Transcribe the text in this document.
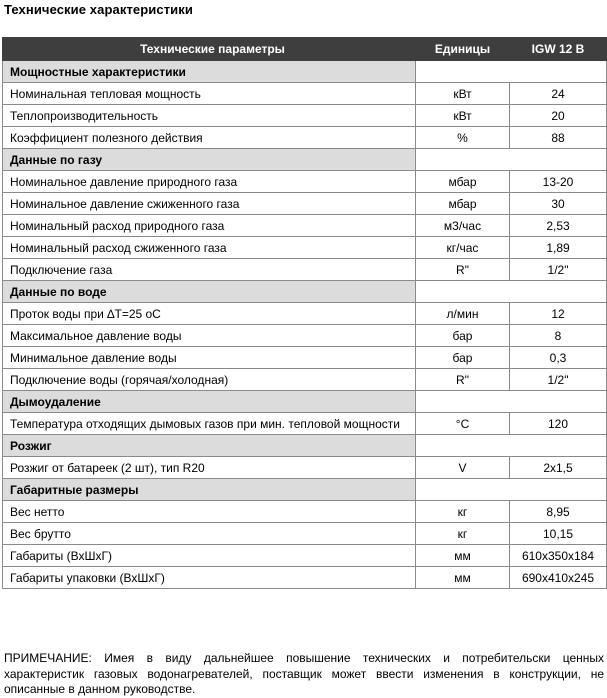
Технические характеристики
Технические параметры	Единицы	IGW 12 B
Мощностные характеристики		
Номинальная тепловая мощность	кВт	24
Теплопроизводительность	кВт	20
Коэффициент полезного действия	%	88
Данные по газу		
Номинальное давление природного газа	мбар	13-20
Номинальное давление сжиженного газа	мбар	30
Номинальный расход природного газа	м3/час	2,53
Номинальный расход сжиженного газа	кг/час	1,89
Подключение газа	R"	1/2"
Данные по воде		
Проток воды при ∆T=25 оС	л/мин	12
Максимальное давление воды	бар	8
Минимальное давление воды	бар	0,3
Подключение воды (горячая/холодная)	R"	1/2"
Дымоудаление		
Температура отходящих дымовых газов при мин. тепловой мощности	°C	120
Розжиг		
Розжиг от батареек (2 шт), тип R20	V	2x1,5
Габаритные размеры		
Вес нетто	кг	8,95
Вес брутто	кг	10,15
Габариты (ВхШхГ)	мм	610х350х184
Габариты упаковки (ВхШхГ)	мм	690х410х245
ПРИМЕЧАНИЕ: Имея в виду дальнейшее повышение технических и потребительски ценных характеристик газовых водонагревателей, поставщик может ввести изменения в конструкции, не описанные в данном руководстве.
